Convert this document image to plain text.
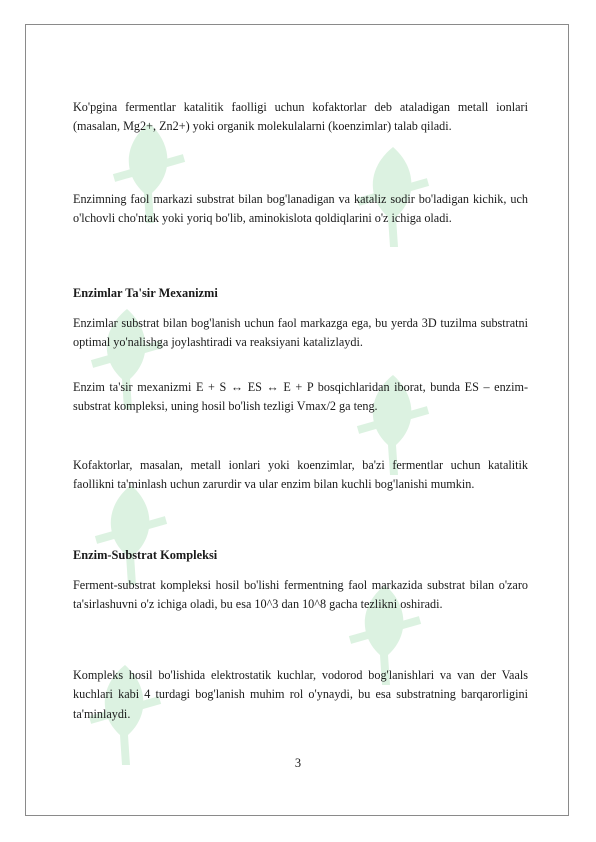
Ko'pgina fermentlar katalitik faolligi uchun kofaktorlar deb ataladigan metall ionlari (masalan, Mg2+, Zn2+) yoki organik molekulalarni (koenzimlar) talab qiladi.

Enzimning faol markazi substrat bilan bog'lanadigan va kataliz sodir bo'ladigan kichik, uch o'lchovli cho'ntak yoki yoriq bo'lib, aminokislota qoldiqlarini o'z ichiga oladi.

Enzimlar Ta'sir Mexanizmi

Enzimlar substrat bilan bog'lanish uchun faol markazga ega, bu yerda 3D tuzilma substratni optimal yo'nalishga joylashtiradi va reaksiyani katalizlaydi.

Enzim ta'sir mexanizmi E + S ↔ ES ↔ E + P bosqichlaridan iborat, bunda ES – enzim-substrat kompleksi, uning hosil bo'lish tezligi Vmax/2 ga teng.

Kofaktorlar, masalan, metall ionlari yoki koenzimlar, ba'zi fermentlar uchun katalitik faollikni ta'minlash uchun zarurdir va ular enzim bilan kuchli bog'lanishi mumkin.

Enzim-Substrat Kompleksi

Ferment-substrat kompleksi hosil bo'lishi fermentning faol markazida substrat bilan o'zaro ta'sirlashuvni o'z ichiga oladi, bu esa 10^3 dan 10^8 gacha tezlikni oshiradi.

Kompleks hosil bo'lishida elektrostatik kuchlar, vodorod bog'lanishlari va van der Vaals kuchlari kabi 4 turdagi bog'lanish muhim rol o'ynaydi, bu esa substratning barqarorligini ta'minlaydi.

3
